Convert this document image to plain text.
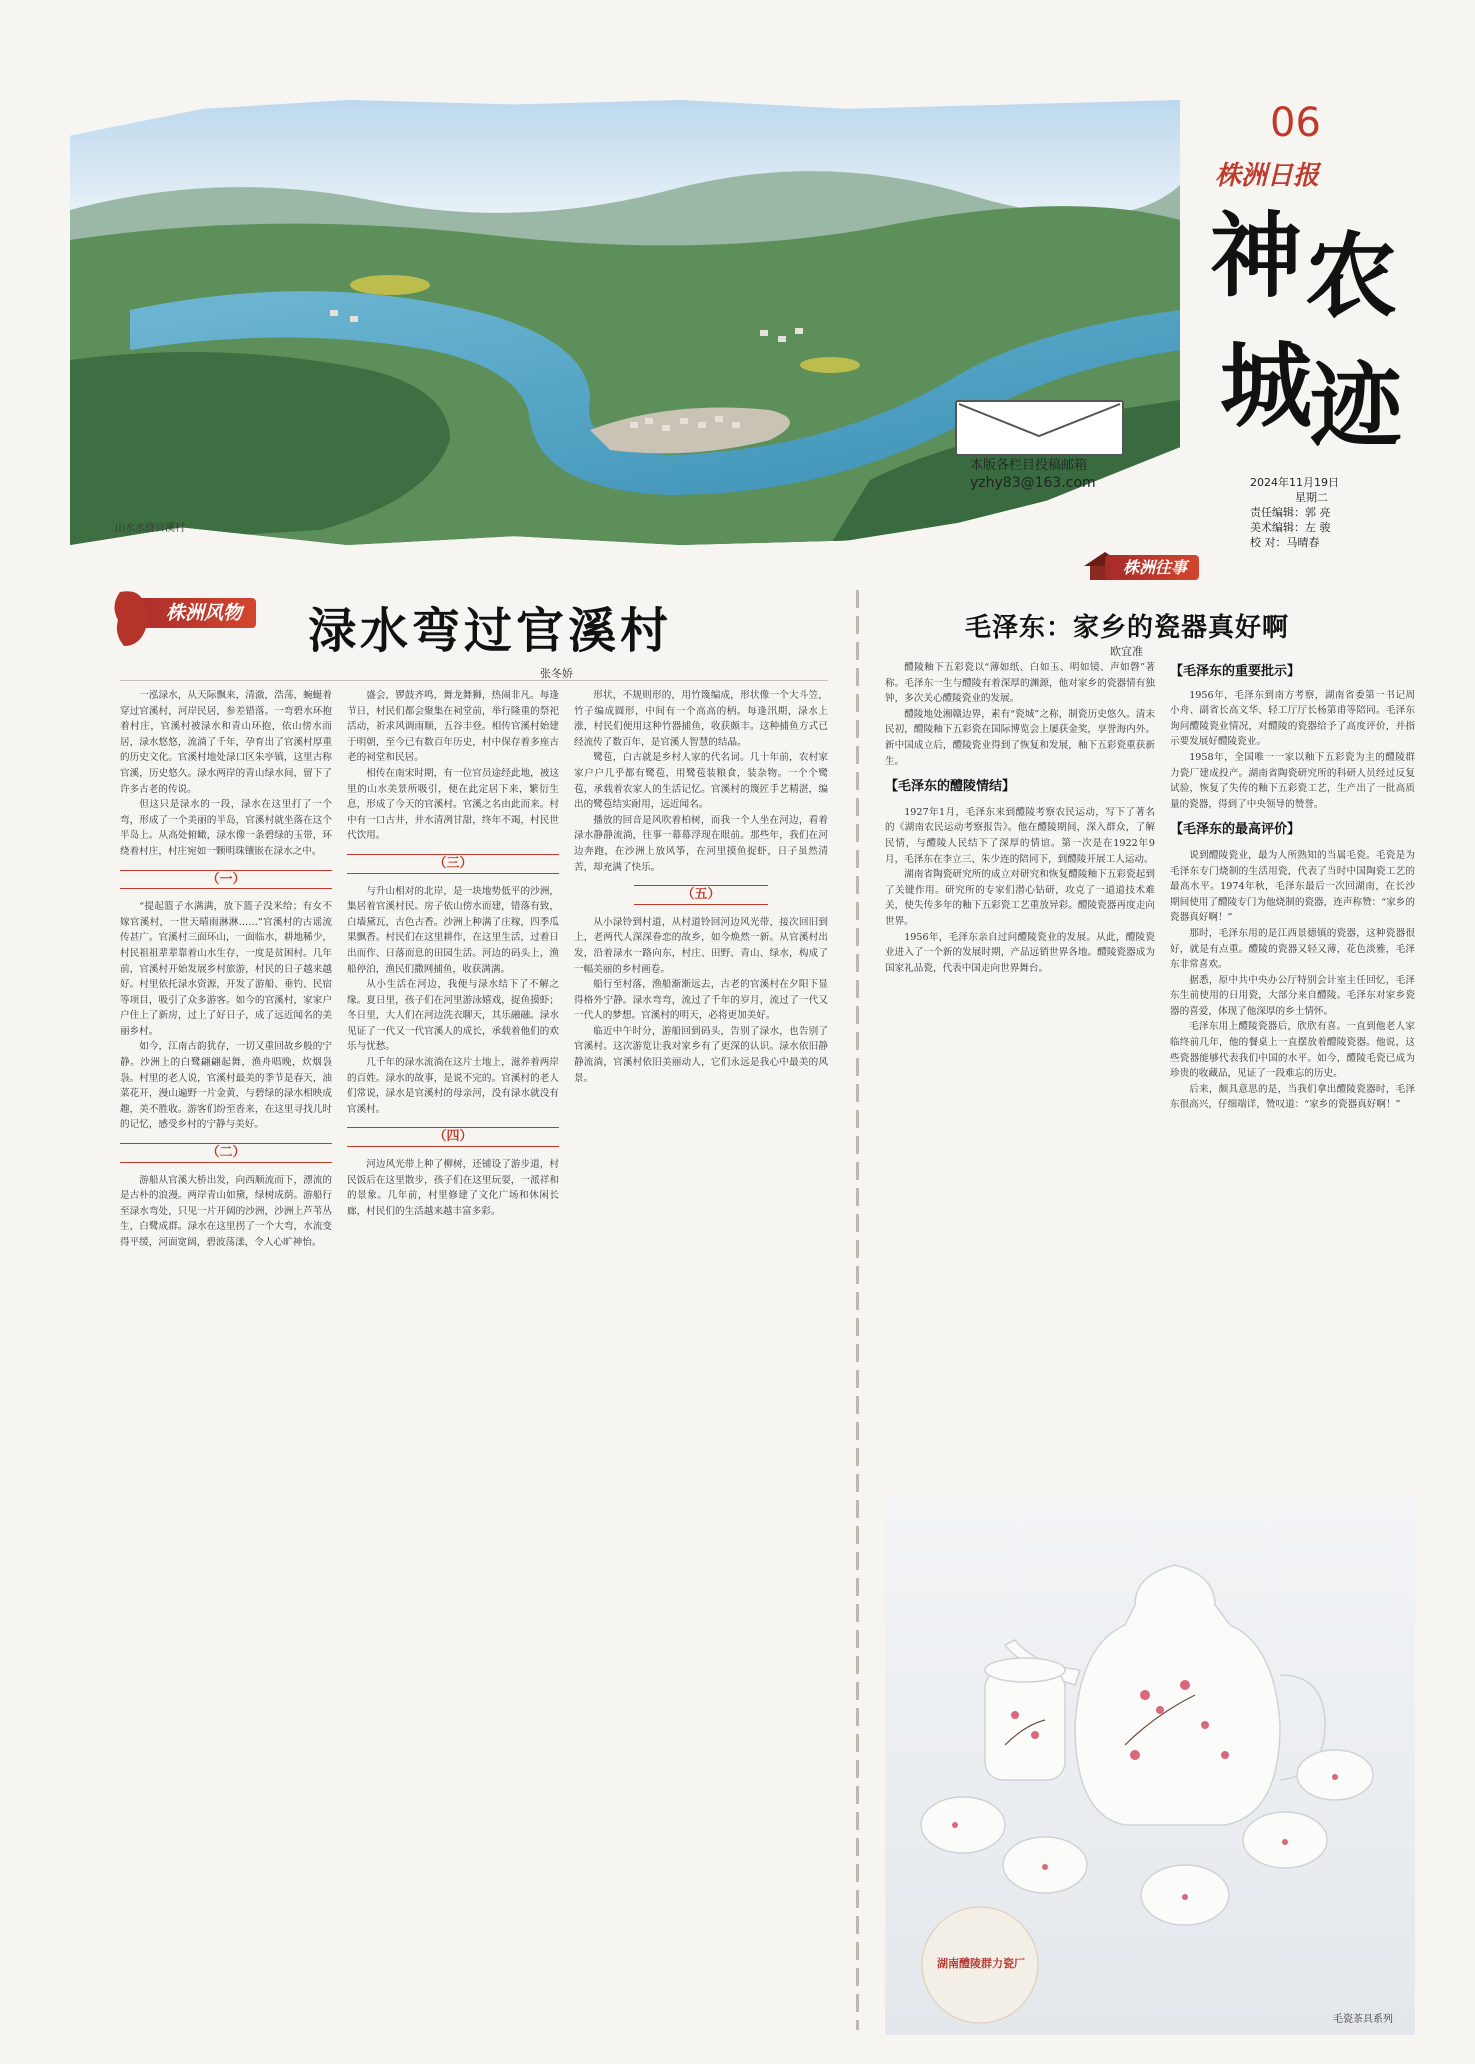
山水水绕官溪村
06
株洲日报
神 农
城
迹
本版各栏目投稿邮箱
yzhy83@163.com	2024年11月19日
星期二
责任编辑：郭 亮
美术编辑：左 骏
校 对：马晴春
株洲风物 渌水弯过官溪村
张冬娇
株洲往事
毛泽东：家乡的瓷器真好啊
欧宜准

一泓渌水，从天际飘来，清澈，浩荡，蜿蜒着穿过官溪村，河岸民居，参差错落。一弯碧水环抱着村庄，官溪村被渌水和青山环抱，依山傍水而居，渌水悠悠，流淌了千年，孕育出了官溪村厚重的历史文化。官溪村地处渌口区朱亭镇，这里古称官溪，历史悠久。渌水两岸的青山绿水间，留下了许多古老的传说。

但这只是渌水的一段，渌水在这里打了一个弯，形成了一个美丽的半岛，官溪村就坐落在这个半岛上。从高处俯瞰，渌水像一条碧绿的玉带，环绕着村庄，村庄宛如一颗明珠镶嵌在渌水之中。

（一）

“提起篮子水满满，放下篮子没米给；有女不嫁官溪村，一世天晴雨淋淋……”官溪村的古谣流传甚广。官溪村三面环山，一面临水，耕地稀少，村民祖祖辈辈靠着山水生存，一度是贫困村。几年前，官溪村开始发展乡村旅游，村民的日子越来越好。村里依托渌水资源，开发了游船、垂钓、民宿等项目，吸引了众多游客。如今的官溪村，家家户户住上了新房，过上了好日子，成了远近闻名的美丽乡村。

如今，江南古韵犹存，一切又重回故乡般的宁静。沙洲上的白鹭翩翩起舞，渔舟唱晚，炊烟袅袅。村里的老人说，官溪村最美的季节是春天，油菜花开，漫山遍野一片金黄，与碧绿的渌水相映成趣，美不胜收。游客们纷至沓来，在这里寻找儿时的记忆，感受乡村的宁静与美好。

（二）

游船从官溪大桥出发，向西顺流而下，漂流的是古朴的浪漫。两岸青山如黛，绿树成荫。游船行至渌水弯处，只见一片开阔的沙洲，沙洲上芦苇丛生，白鹭成群。渌水在这里拐了一个大弯，水流变得平缓，河面宽阔，碧波荡漾，令人心旷神怡。

盛会，锣鼓齐鸣，舞龙舞狮，热闹非凡。每逢节日，村民们都会聚集在祠堂前，举行隆重的祭祀活动，祈求风调雨顺，五谷丰登。相传官溪村始建于明朝，至今已有数百年历史，村中保存着多座古老的祠堂和民居。

相传在南宋时期，有一位官员途经此地，被这里的山水美景所吸引，便在此定居下来，繁衍生息，形成了今天的官溪村。官溪之名由此而来。村中有一口古井，井水清冽甘甜，终年不竭，村民世代饮用。

（三）

与升山相对的北岸，是一块地势低平的沙洲，集居着官溪村民。房子依山傍水而建，错落有致，白墙黛瓦，古色古香。沙洲上种满了庄稼，四季瓜果飘香。村民们在这里耕作，在这里生活，过着日出而作、日落而息的田园生活。河边的码头上，渔船停泊，渔民们撒网捕鱼，收获满满。

从小生活在河边，我便与渌水结下了不解之缘。夏日里，孩子们在河里游泳嬉戏，捉鱼摸虾；冬日里，大人们在河边洗衣聊天，其乐融融。渌水见证了一代又一代官溪人的成长，承载着他们的欢乐与忧愁。

几千年的渌水流淌在这片土地上，滋养着两岸的百姓。渌水的故事，是说不完的。官溪村的老人们常说，渌水是官溪村的母亲河，没有渌水就没有官溪村。

（四）

河边风光带上种了柳树，还铺设了游步道，村民饭后在这里散步，孩子们在这里玩耍，一派祥和的景象。几年前，村里修建了文化广场和休闲长廊，村民们的生活越来越丰富多彩。

形状，不规则形的，用竹篾编成，形状像一个大斗笠，竹子编成圆形，中间有一个高高的柄。每逢汛期，渌水上涨，村民们便用这种竹器捕鱼，收获颇丰。这种捕鱼方式已经流传了数百年，是官溪人智慧的结晶。

鹭苞，白古就是乡村人家的代名词。几十年前，农村家家户户几乎都有鹭苞，用鹭苞装粮食，装杂物。一个个鹭苞，承载着农家人的生活记忆。官溪村的篾匠手艺精湛，编出的鹭苞结实耐用，远近闻名。

播放的回音是风吹着柏树，而我一个人坐在河边，看着渌水静静流淌，往事一幕幕浮现在眼前。那些年，我们在河边奔跑，在沙洲上放风筝，在河里摸鱼捉虾，日子虽然清苦，却充满了快乐。

（五）

从小渌铃到村道，从村道铃回河边风光带，接次回旧到上，老两代人深深眷恋的故乡，如今焕然一新。从官溪村出发，沿着渌水一路向东，村庄、田野、青山、绿水，构成了一幅美丽的乡村画卷。

船行至村落，渔船渐渐远去，古老的官溪村在夕阳下显得格外宁静。渌水弯弯，流过了千年的岁月，流过了一代又一代人的梦想。官溪村的明天，必将更加美好。

临近中午时分，游船回到码头，告别了渌水，也告别了官溪村。这次游览让我对家乡有了更深的认识。渌水依旧静静流淌，官溪村依旧美丽动人，它们永远是我心中最美的风景。

醴陵釉下五彩瓷以“薄如纸、白如玉、明如镜、声如磬”著称。毛泽东一生与醴陵有着深厚的渊源，他对家乡的瓷器情有独钟，多次关心醴陵瓷业的发展。

醴陵地处湘赣边界，素有“瓷城”之称，制瓷历史悠久。清末民初，醴陵釉下五彩瓷在国际博览会上屡获金奖，享誉海内外。新中国成立后，醴陵瓷业得到了恢复和发展，釉下五彩瓷重获新生。

【毛泽东的醴陵情结】

1927年1月，毛泽东来到醴陵考察农民运动，写下了著名的《湖南农民运动考察报告》。他在醴陵期间，深入群众，了解民情，与醴陵人民结下了深厚的情谊。第一次是在1922年9月，毛泽东在李立三、朱少连的陪同下，到醴陵开展工人运动。

湖南省陶瓷研究所的成立对研究和恢复醴陵釉下五彩瓷起到了关键作用。研究所的专家们潜心钻研，攻克了一道道技术难关，使失传多年的釉下五彩瓷工艺重放异彩。醴陵瓷器再度走向世界。

1956年，毛泽东亲自过问醴陵瓷业的发展。从此，醴陵瓷业进入了一个新的发展时期，产品远销世界各地。醴陵瓷器成为国家礼品瓷，代表中国走向世界舞台。

【毛泽东的重要批示】

1956年，毛泽东到南方考察，湖南省委第一书记周小舟、副省长高文华、轻工厅厅长杨第甫等陪同。毛泽东询问醴陵瓷业情况，对醴陵的瓷器给予了高度评价，并指示要发展好醴陵瓷业。

1958年，全国唯一一家以釉下五彩瓷为主的醴陵群力瓷厂建成投产。湖南省陶瓷研究所的科研人员经过反复试验，恢复了失传的釉下五彩瓷工艺，生产出了一批高质量的瓷器，得到了中央领导的赞誉。

【毛泽东的最高评价】

说到醴陵瓷业，最为人所熟知的当属毛瓷。毛瓷是为毛泽东专门烧制的生活用瓷，代表了当时中国陶瓷工艺的最高水平。1974年秋，毛泽东最后一次回湖南，在长沙期间使用了醴陵专门为他烧制的瓷器，连声称赞：“家乡的瓷器真好啊！”

那时，毛泽东用的是江西景德镇的瓷器，这种瓷器很好，就是有点重。醴陵的瓷器又轻又薄，花色淡雅，毛泽东非常喜欢。

据悉，原中共中央办公厅特别会计室主任回忆，毛泽东生前使用的日用瓷，大部分来自醴陵。毛泽东对家乡瓷器的喜爱，体现了他深厚的乡土情怀。

毛泽东用上醴陵瓷器后，欣欣有喜。一直到他老人家临终前几年，他的餐桌上一直摆放着醴陵瓷器。他说，这些瓷器能够代表我们中国的水平。如今，醴陵毛瓷已成为珍贵的收藏品，见证了一段难忘的历史。

后来，颇具意思的是，当我们拿出醴陵瓷器时，毛泽东很高兴，仔细端详，赞叹道：“家乡的瓷器真好啊！”

湖南醴陵群力瓷厂
毛瓷茶具系列
